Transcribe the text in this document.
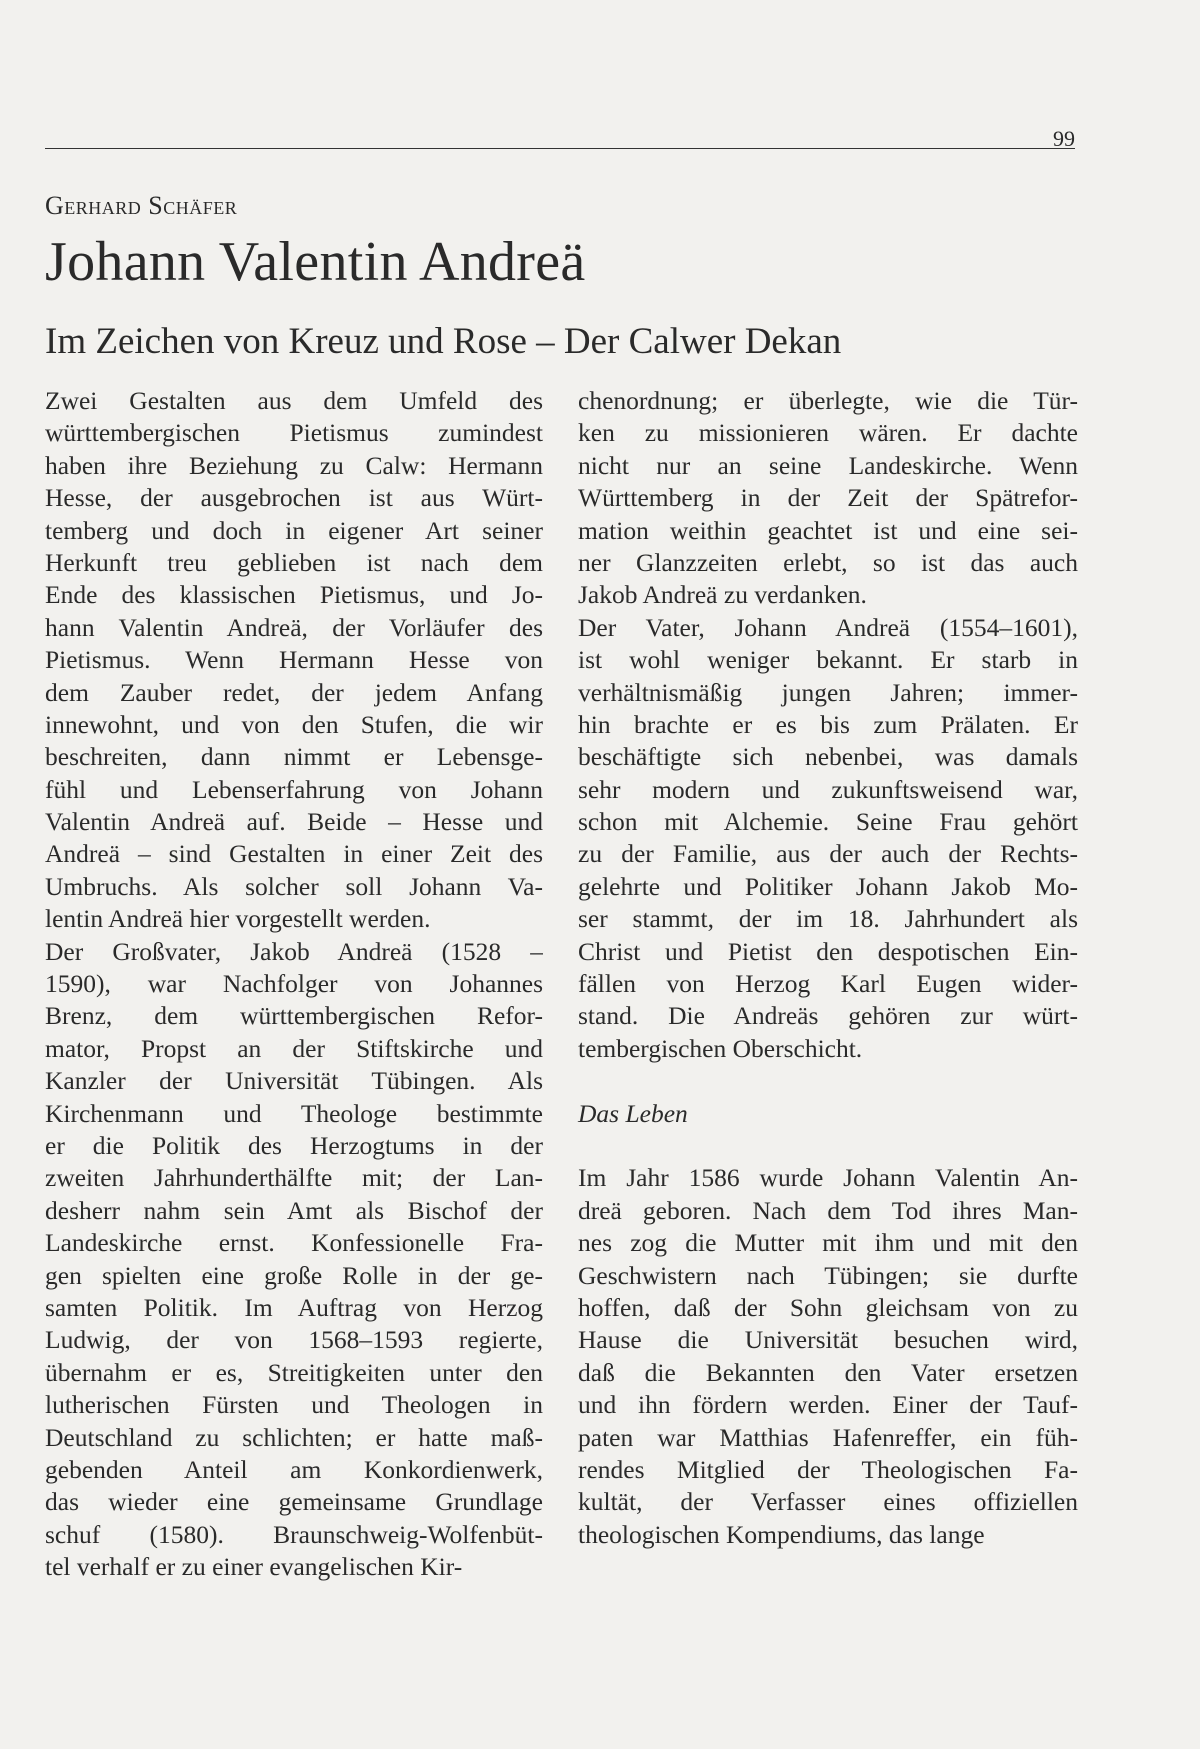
99
Gerhard Schäfer
Johann Valentin Andreä
Im Zeichen von Kreuz und Rose – Der Calwer Dekan
Zwei Gestalten aus dem Umfeld des
württembergischen Pietismus zumindest
haben ihre Beziehung zu Calw: Hermann
Hesse, der ausgebrochen ist aus Würt-
temberg und doch in eigener Art seiner
Herkunft treu geblieben ist nach dem
Ende des klassischen Pietismus, und Jo-
hann Valentin Andreä, der Vorläufer des
Pietismus. Wenn Hermann Hesse von
dem Zauber redet, der jedem Anfang
innewohnt, und von den Stufen, die wir
beschreiten, dann nimmt er Lebensge-
fühl und Lebenserfahrung von Johann
Valentin Andreä auf. Beide – Hesse und
Andreä – sind Gestalten in einer Zeit des
Umbruchs. Als solcher soll Johann Va-
lentin Andreä hier vorgestellt werden.
Der Großvater, Jakob Andreä (1528 –
1590), war Nachfolger von Johannes
Brenz, dem württembergischen Refor-
mator, Propst an der Stiftskirche und
Kanzler der Universität Tübingen. Als
Kirchenmann und Theologe bestimmte
er die Politik des Herzogtums in der
zweiten Jahrhunderthälfte mit; der Lan-
desherr nahm sein Amt als Bischof der
Landeskirche ernst. Konfessionelle Fra-
gen spielten eine große Rolle in der ge-
samten Politik. Im Auftrag von Herzog
Ludwig, der von 1568–1593 regierte,
übernahm er es, Streitigkeiten unter den
lutherischen Fürsten und Theologen in
Deutschland zu schlichten; er hatte maß-
gebenden Anteil am Konkordienwerk,
das wieder eine gemeinsame Grundlage
schuf (1580). Braunschweig-Wolfenbüt-
tel verhalf er zu einer evangelischen Kir-
chenordnung; er überlegte, wie die Tür-
ken zu missionieren wären. Er dachte
nicht nur an seine Landeskirche. Wenn
Württemberg in der Zeit der Spätrefor-
mation weithin geachtet ist und eine sei-
ner Glanzzeiten erlebt, so ist das auch
Jakob Andreä zu verdanken.
Der Vater, Johann Andreä (1554–1601),
ist wohl weniger bekannt. Er starb in
verhältnismäßig jungen Jahren; immer-
hin brachte er es bis zum Prälaten. Er
beschäftigte sich nebenbei, was damals
sehr modern und zukunftsweisend war,
schon mit Alchemie. Seine Frau gehört
zu der Familie, aus der auch der Rechts-
gelehrte und Politiker Johann Jakob Mo-
ser stammt, der im 18. Jahrhundert als
Christ und Pietist den despotischen Ein-
fällen von Herzog Karl Eugen wider-
stand. Die Andreäs gehören zur würt-
tembergischen Oberschicht.
Das Leben
Im Jahr 1586 wurde Johann Valentin An-
dreä geboren. Nach dem Tod ihres Man-
nes zog die Mutter mit ihm und mit den
Geschwistern nach Tübingen; sie durfte
hoffen, daß der Sohn gleichsam von zu
Hause die Universität besuchen wird,
daß die Bekannten den Vater ersetzen
und ihn fördern werden. Einer der Tauf-
paten war Matthias Hafenreffer, ein füh-
rendes Mitglied der Theologischen Fa-
kultät, der Verfasser eines offiziellen
theologischen Kompendiums, das lange
